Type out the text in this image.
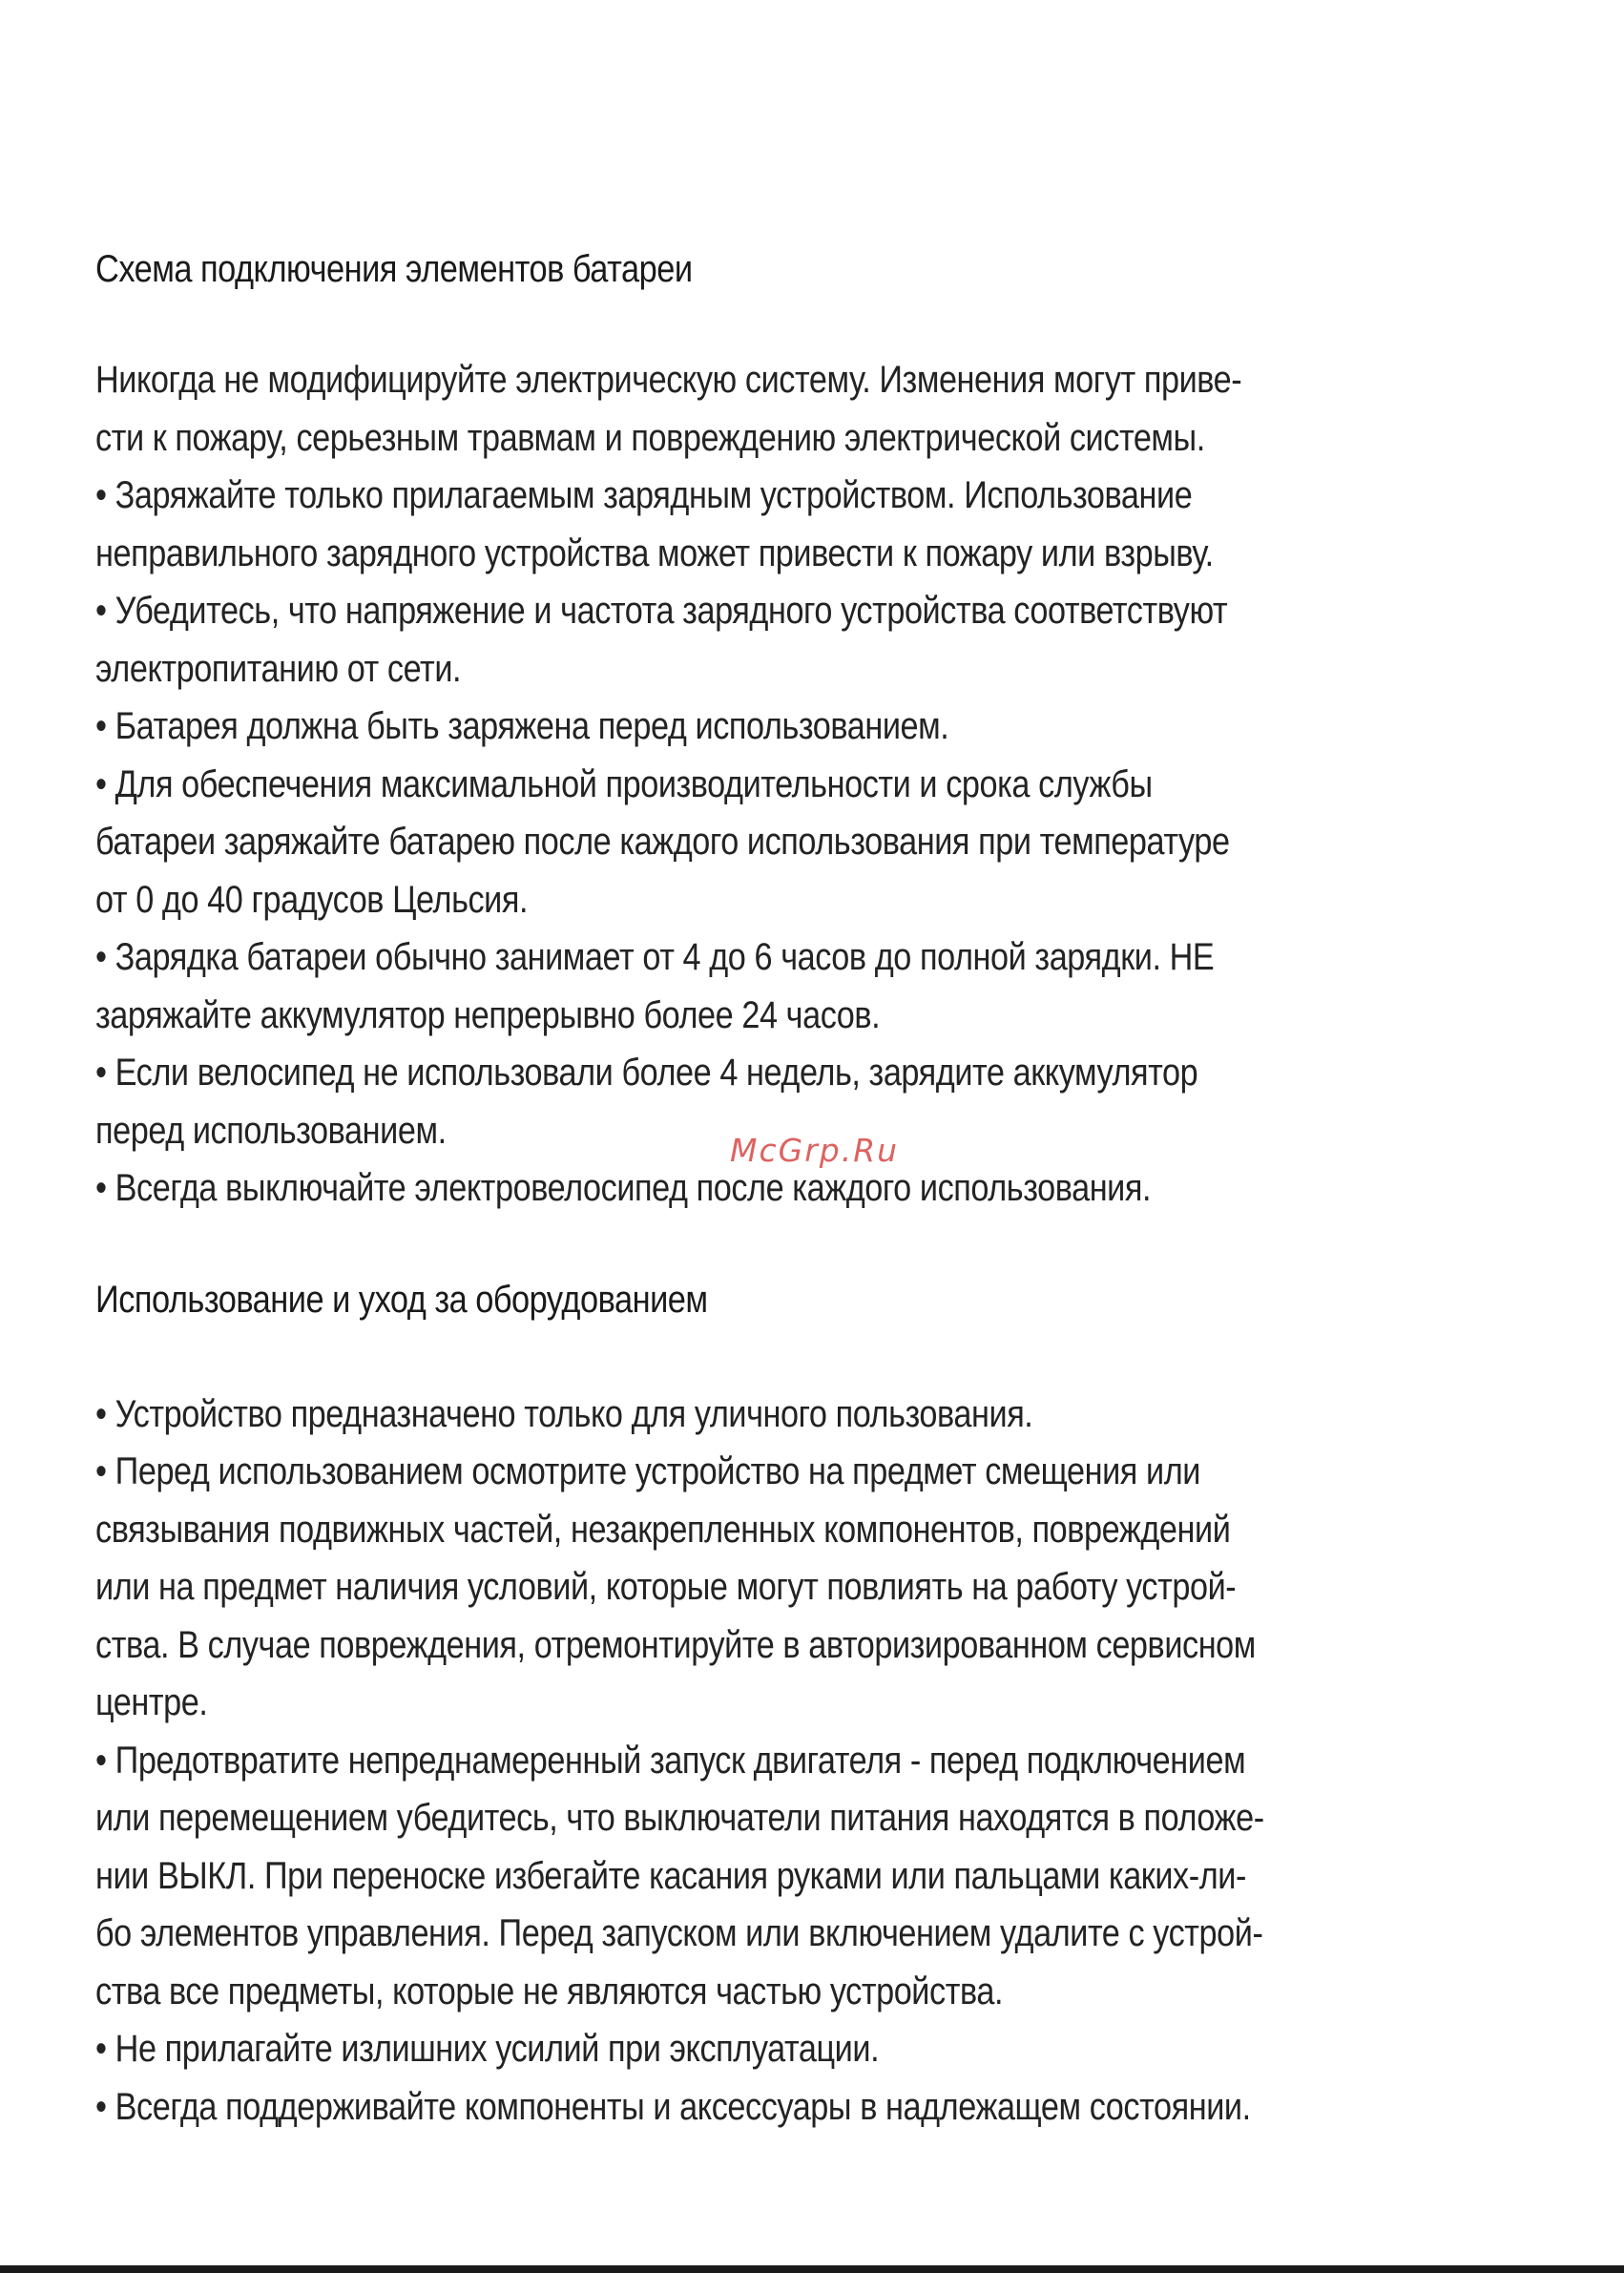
Схема подключения элементов батареи

Никогда не модифицируйте электрическую систему. Изменения могут приве-
сти к пожару, серьезным травмам и повреждению электрической системы.
• Заряжайте только прилагаемым зарядным устройством. Использование
неправильного зарядного устройства может привести к пожару или взрыву.
• Убедитесь, что напряжение и частота зарядного устройства соответствуют
электропитанию от сети.
• Батарея должна быть заряжена перед использованием.
• Для обеспечения максимальной производительности и срока службы
батареи заряжайте батарею после каждого использования при температуре
от 0 до 40 градусов Цельсия.
• Зарядка батареи обычно занимает от 4 до 6 часов до полной зарядки. НЕ
заряжайте аккумулятор непрерывно более 24 часов.
• Если велосипед не использовали более 4 недель, зарядите аккумулятор
перед использованием.
• Всегда выключайте электровелосипед после каждого использования.

Использование и уход за оборудованием

• Устройство предназначено только для уличного пользования.
• Перед использованием осмотрите устройство на предмет смещения или
связывания подвижных частей, незакрепленных компонентов, повреждений
или на предмет наличия условий, которые могут повлиять на работу устрой-
ства. В случае повреждения, отремонтируйте в авторизированном сервисном
центре.
• Предотвратите непреднамеренный запуск двигателя - перед подключением
или перемещением убедитесь, что выключатели питания находятся в положе-
нии ВЫКЛ. При переноске избегайте касания руками или пальцами каких-ли-
бо элементов управления. Перед запуском или включением удалите с устрой-
ства все предметы, которые не являются частью устройства.
• Не прилагайте излишних усилий при эксплуатации.
• Всегда поддерживайте компоненты и аксессуары в надлежащем состоянии.

McGrp.Ru
